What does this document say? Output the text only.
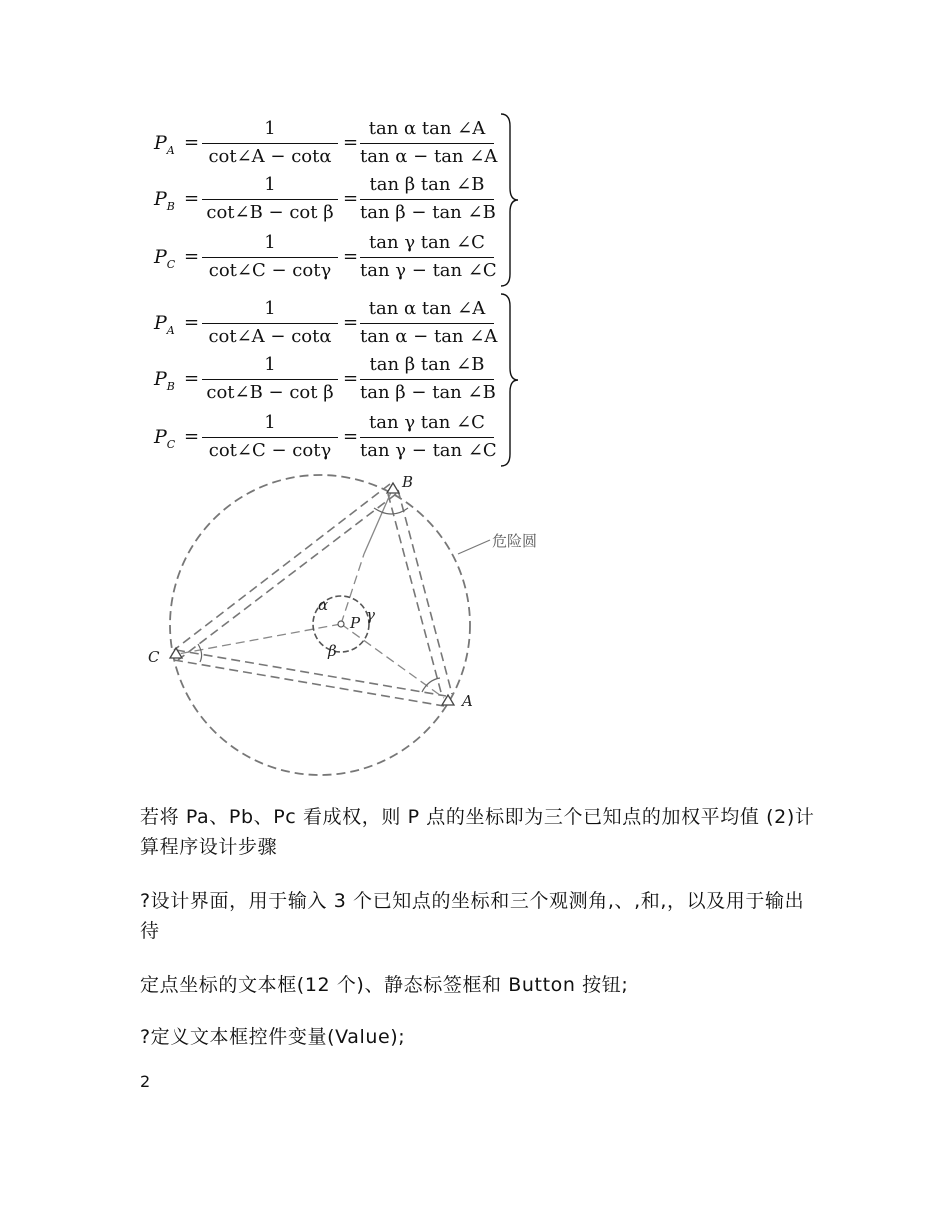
$P_A$ =
1
cot∠A − cotα
=
tan α tan ∠A
tan α − tan ∠A
$P_B$ =
1
cot∠B − cot β
=
tan β tan ∠B
tan β − tan ∠B
$P_C$ =
1
cot∠C − cotγ
=
tan γ tan ∠C
tan γ − tan ∠C
$P_A$ =
1
cot∠A − cotα
=
tan α tan ∠A
tan α − tan ∠A
$P_B$ =
1
cot∠B − cot β
=
tan β tan ∠B
tan β − tan ∠B
$P_C$ =
1
cot∠C − cotγ
=
tan γ tan ∠C
tan γ − tan ∠C
B
C
A
P
α
β
γ
危险圆

若将 Pa、Pb、Pc 看成权，则 P 点的坐标即为三个已知点的加权平均值 (2)计算程序设计步骤

?设计界面，用于输入 3 个已知点的坐标和三个观测角,、,和,，以及用于输出待

定点坐标的文本框(12 个)、静态标签框和 Button 按钮;

?定义文本框控件变量(Value);

2
